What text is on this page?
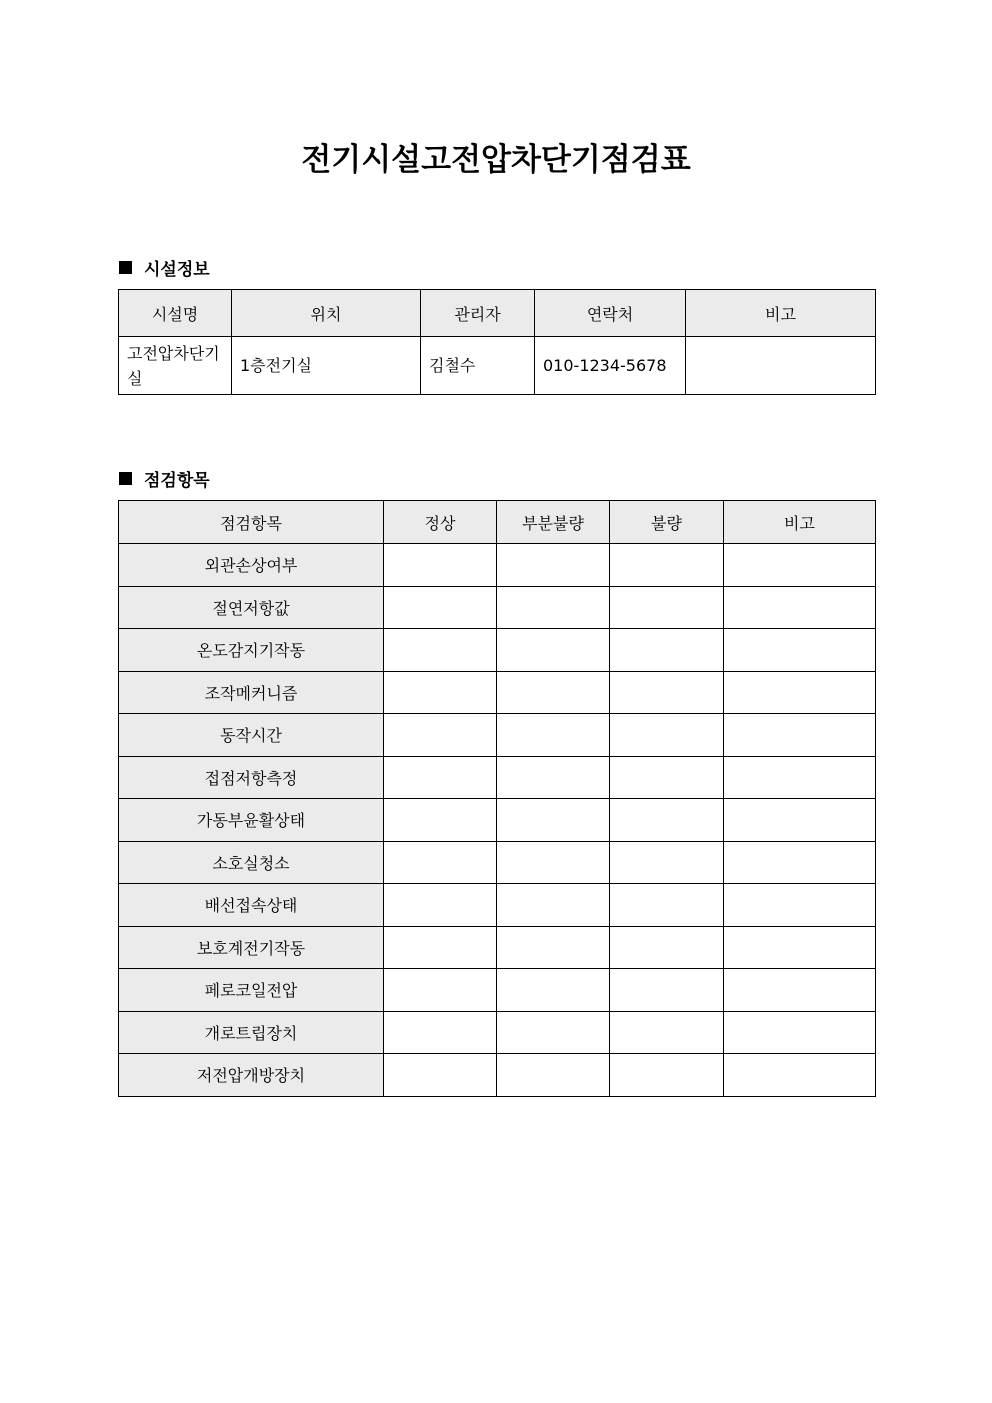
전기시설고전압차단기점검표
시설정보
시설명	위치	관리자	연락처	비고
고전압차단기실	1층전기실	김철수	010-1234-5678	
점검항목
점검항목	정상	부분불량	불량	비고
외관손상여부				
절연저항값				
온도감지기작동				
조작메커니즘				
동작시간				
접점저항측정				
가동부윤활상태				
소호실청소				
배선접속상태				
보호계전기작동				
페로코일전압				
개로트립장치				
저전압개방장치				
